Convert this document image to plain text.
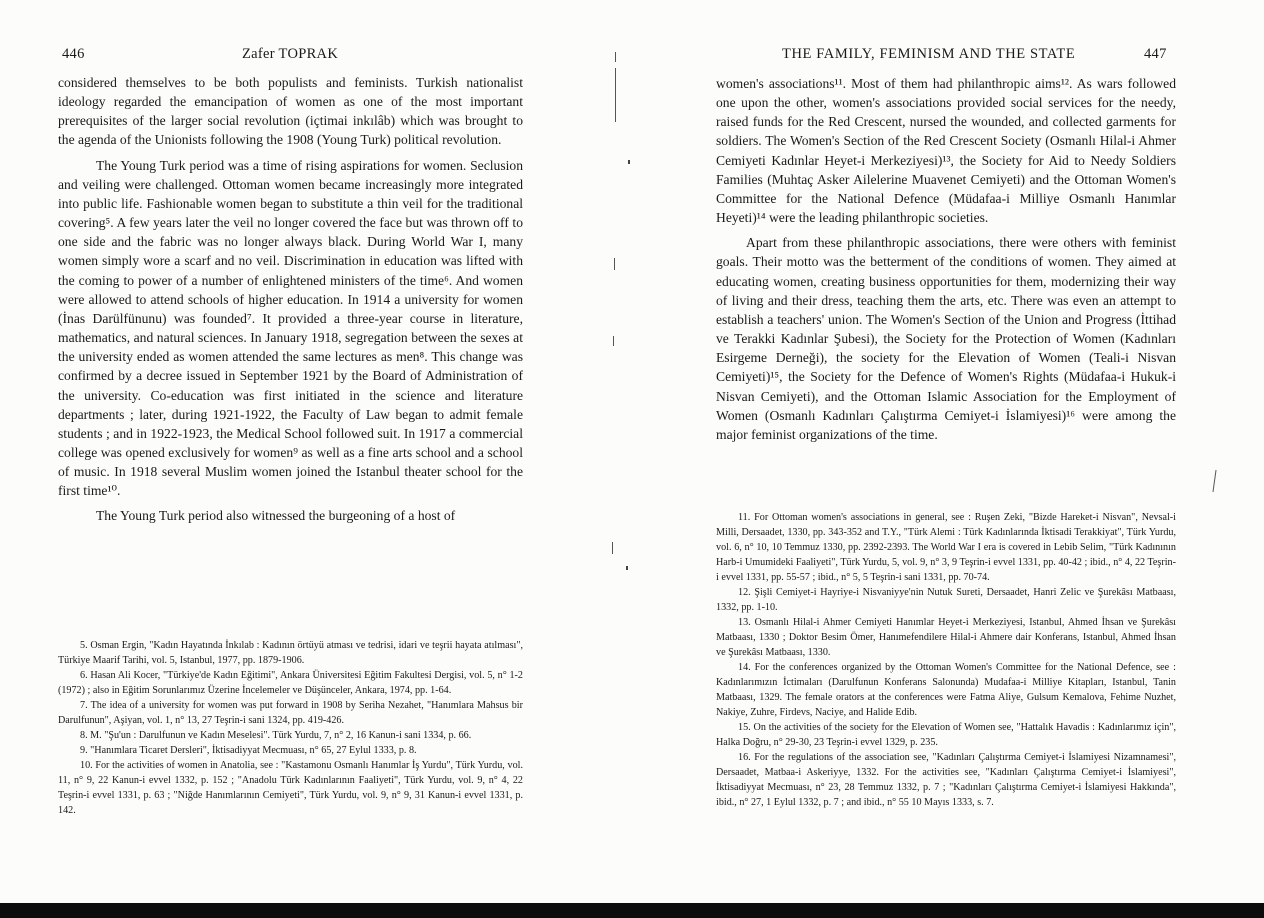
446	Zafer TOPRAK

considered themselves to be both populists and feminists. Turkish nationalist ideology regarded the emancipation of women as one of the most important prerequisites of the larger social revolution (içtimai inkılâb) which was brought to the agenda of the Unionists following the 1908 (Young Turk) political revolution.

The Young Turk period was a time of rising aspirations for women. Seclusion and veiling were challenged. Ottoman women became increasingly more integrated into public life. Fashionable women began to substitute a thin veil for the traditional covering⁵. A few years later the veil no longer covered the face but was thrown off to one side and the fabric was no longer always black. During World War I, many women simply wore a scarf and no veil. Discrimination in education was lifted with the coming to power of a number of enlightened ministers of the time⁶. And women were allowed to attend schools of higher education. In 1914 a university for women (İnas Darülfünunu) was founded⁷. It provided a three-year course in literature, mathematics, and natural sciences. In January 1918, segregation between the sexes at the university ended as women attended the same lectures as men⁸. This change was confirmed by a decree issued in September 1921 by the Board of Administration of the university. Co-education was first initiated in the science and literature departments ; later, during 1921-1922, the Faculty of Law began to admit female students ; and in 1922-1923, the Medical School followed suit. In 1917 a commercial college was opened exclusively for women⁹ as well as a fine arts school and a school of music. In 1918 several Muslim women joined the Istanbul theater school for the first time¹⁰.

The Young Turk period also witnessed the burgeoning of a host of

5. Osman Ergin, "Kadın Hayatında İnkılab : Kadının örtüyü atması ve tedrisi, idari ve teşrii hayata atılması", Türkiye Maarif Tarihi, vol. 5, Istanbul, 1977, pp. 1879-1906.

6. Hasan Ali Kocer, "Türkiye'de Kadın Eğitimi", Ankara Üniversitesi Eğitim Fakultesi Dergisi, vol. 5, n° 1-2 (1972) ; also in Eğitim Sorunlarımız Üzerine İncelemeler ve Düşünceler, Ankara, 1974, pp. 1-64.

7. The idea of a university for women was put forward in 1908 by Seriha Nezahet, "Hanımlara Mahsus bir Darulfunun", Aşiyan, vol. 1, n° 13, 27 Teşrin-i sani 1324, pp. 419-426.

8. M. "Şu'un : Darulfunun ve Kadın Meselesi". Türk Yurdu, 7, n° 2, 16 Kanun-i sani 1334, p. 66.

9. "Hanımlara Ticaret Dersleri", İktisadiyyat Mecmuası, n° 65, 27 Eylul 1333, p. 8.

10. For the activities of women in Anatolia, see : "Kastamonu Osmanlı Hanımlar İş Yurdu", Türk Yurdu, vol. 11, n° 9, 22 Kanun-i evvel 1332, p. 152 ; "Anadolu Türk Kadınlarının Faaliyeti", Türk Yurdu, vol. 9, n° 4, 22 Teşrin-i evvel 1331, p. 63 ; "Niğde Hanımlarının Cemiyeti", Türk Yurdu, vol. 9, n° 9, 31 Kanun-i evvel 1331, p. 142.

THE FAMILY, FEMINISM AND THE STATE	447

women's associations¹¹. Most of them had philanthropic aims¹². As wars followed one upon the other, women's associations provided social services for the needy, raised funds for the Red Crescent, nursed the wounded, and collected garments for soldiers. The Women's Section of the Red Crescent Society (Osmanlı Hilal-i Ahmer Cemiyeti Kadınlar Heyet-i Merkeziyesi)¹³, the Society for Aid to Needy Soldiers Families (Muhtaç Asker Ailelerine Muavenet Cemiyeti) and the Ottoman Women's Committee for the National Defence (Müdafaa-i Milliye Osmanlı Hanımlar Heyeti)¹⁴ were the leading philanthropic societies.

Apart from these philanthropic associations, there were others with feminist goals. Their motto was the betterment of the conditions of women. They aimed at educating women, creating business opportunities for them, modernizing their way of living and their dress, teaching them the arts, etc. There was even an attempt to establish a teachers' union. The Women's Section of the Union and Progress (İttihad ve Terakki Kadınlar Şubesi), the Society for the Protection of Women (Kadınları Esirgeme Derneği), the society for the Elevation of Women (Teali-i Nisvan Cemiyeti)¹⁵, the Society for the Defence of Women's Rights (Müdafaa-i Hukuk-i Nisvan Cemiyeti), and the Ottoman Islamic Association for the Employment of Women (Osmanlı Kadınları Çalıştırma Cemiyet-i İslamiyesi)¹⁶ were among the major feminist organizations of the time.

11. For Ottoman women's associations in general, see : Ruşen Zeki, "Bizde Hareket-i Nisvan", Nevsal-i Milli, Dersaadet, 1330, pp. 343-352 and T.Y., "Türk Alemi : Türk Kadınlarında İktisadi Terakkiyat", Türk Yurdu, vol. 6, n° 10, 10 Temmuz 1330, pp. 2392-2393. The World War I era is covered in Lebib Selim, "Türk Kadınının Harb-i Umumideki Faaliyeti", Türk Yurdu, 5, vol. 9, n° 3, 9 Teşrin-i evvel 1331, pp. 40-42 ; ibid., n° 4, 22 Teşrin-i evvel 1331, pp. 55-57 ; ibid., n° 5, 5 Teşrin-i sani 1331, pp. 70-74.

12. Şişli Cemiyet-i Hayriye-i Nisvaniyye'nin Nutuk Sureti, Dersaadet, Hanri Zelic ve Şurekâsı Matbaası, 1332, pp. 1-10.

13. Osmanlı Hilal-i Ahmer Cemiyeti Hanımlar Heyet-i Merkeziyesi, Istanbul, Ahmed İhsan ve Şurekâsı Matbaası, 1330 ; Doktor Besim Ömer, Hanımefendilere Hilal-i Ahmere dair Konferans, Istanbul, Ahmed İhsan ve Şurekâsı Matbaası, 1330.

14. For the conferences organized by the Ottoman Women's Committee for the National Defence, see : Kadınlarımızın İctimaları (Darulfunun Konferans Salonunda) Mudafaa-i Milliye Kitapları, Istanbul, Tanin Matbaası, 1329. The female orators at the conferences were Fatma Aliye, Gulsum Kemalova, Fehime Nuzhet, Nakiye, Zuhre, Firdevs, Naciye, and Halide Edib.

15. On the activities of the society for the Elevation of Women see, "Hattalık Havadis : Kadınlarımız için", Halka Doğru, n° 29-30, 23 Teşrin-i evvel 1329, p. 235.

16. For the regulations of the association see, "Kadınları Çalıştırma Cemiyet-i İslamiyesi Nizamnamesi", Dersaadet, Matbaa-i Askeriyye, 1332. For the activities see, "Kadınları Çalıştırma Cemiyet-i İslamiyesi", İktisadiyyat Mecmuası, n° 23, 28 Temmuz 1332, p. 7 ; "Kadınları Çalıştırma Cemiyet-i İslamiyesi Hakkında", ibid., n° 27, 1 Eylul 1332, p. 7 ; and ibid., n° 55 10 Mayıs 1333, s. 7.
